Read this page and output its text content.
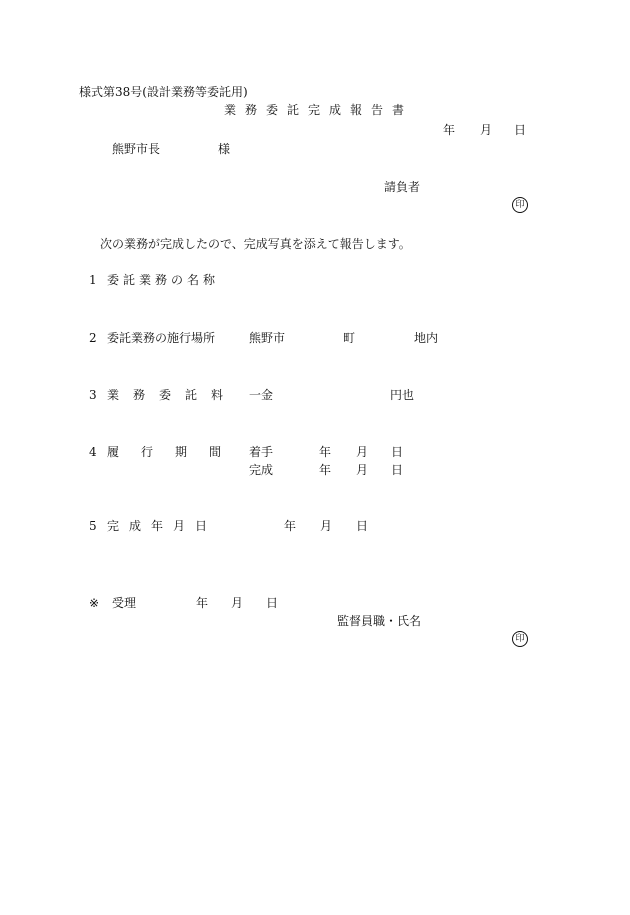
様式第38号(設計業務等委託用)
業務委託完成報告書
年 月 日
熊野市長	様
請負者
印
次の業務が完成したので、完成写真を添えて報告します。
1 委託業務の名称
2 委託業務の施行場所	熊野市	町	地内
3 業務委託料 一金	円也
4 履行期間 着手	年 月 日
完成	年 月 日
5 完成年月日	年 月 日
※ 受理	年 月 日
監督員職・氏名
印
